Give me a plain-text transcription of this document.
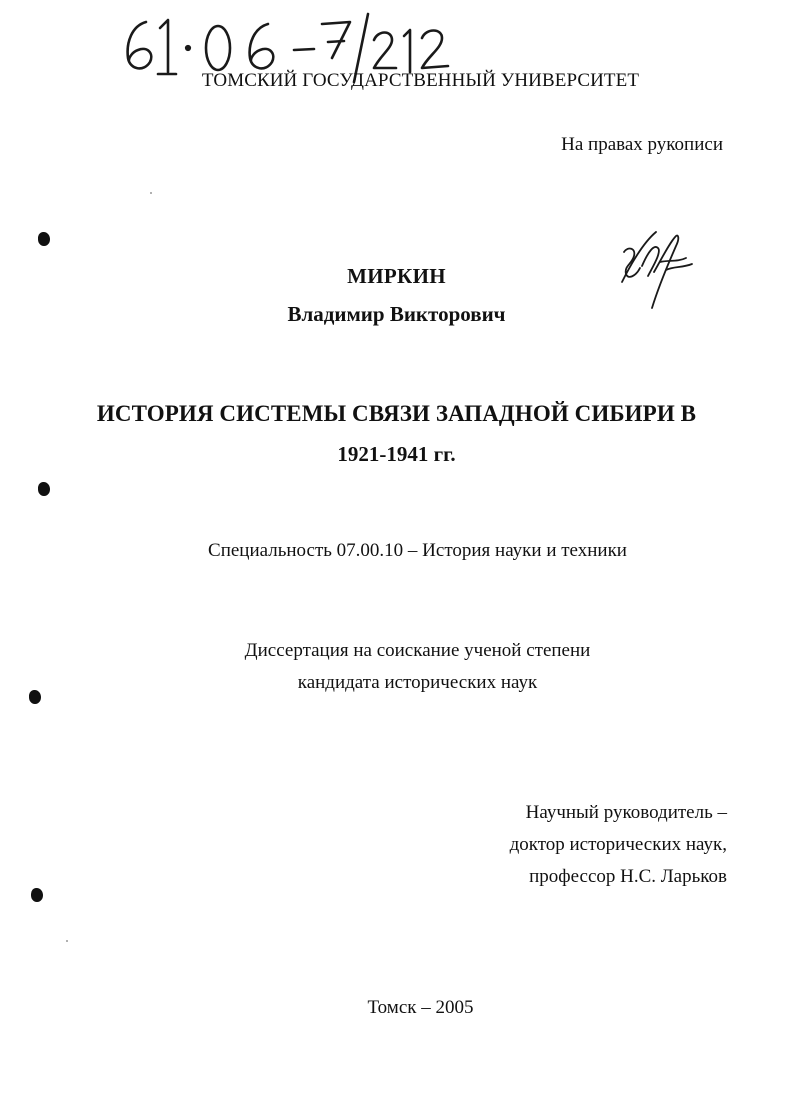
ТОМСКИЙ ГОСУДАРСТВЕННЫЙ УНИВЕРСИТЕТ
На правах рукописи
МИРКИН
Владимир Викторович
ИСТОРИЯ СИСТЕМЫ СВЯЗИ ЗАПАДНОЙ СИБИРИ В
1921-1941 гг.
Специальность 07.00.10 – История науки и техники
Диссертация на соискание ученой степени
кандидата исторических наук
Научный руководитель –
доктор исторических наук,
профессор Н.С. Ларьков
Томск – 2005
